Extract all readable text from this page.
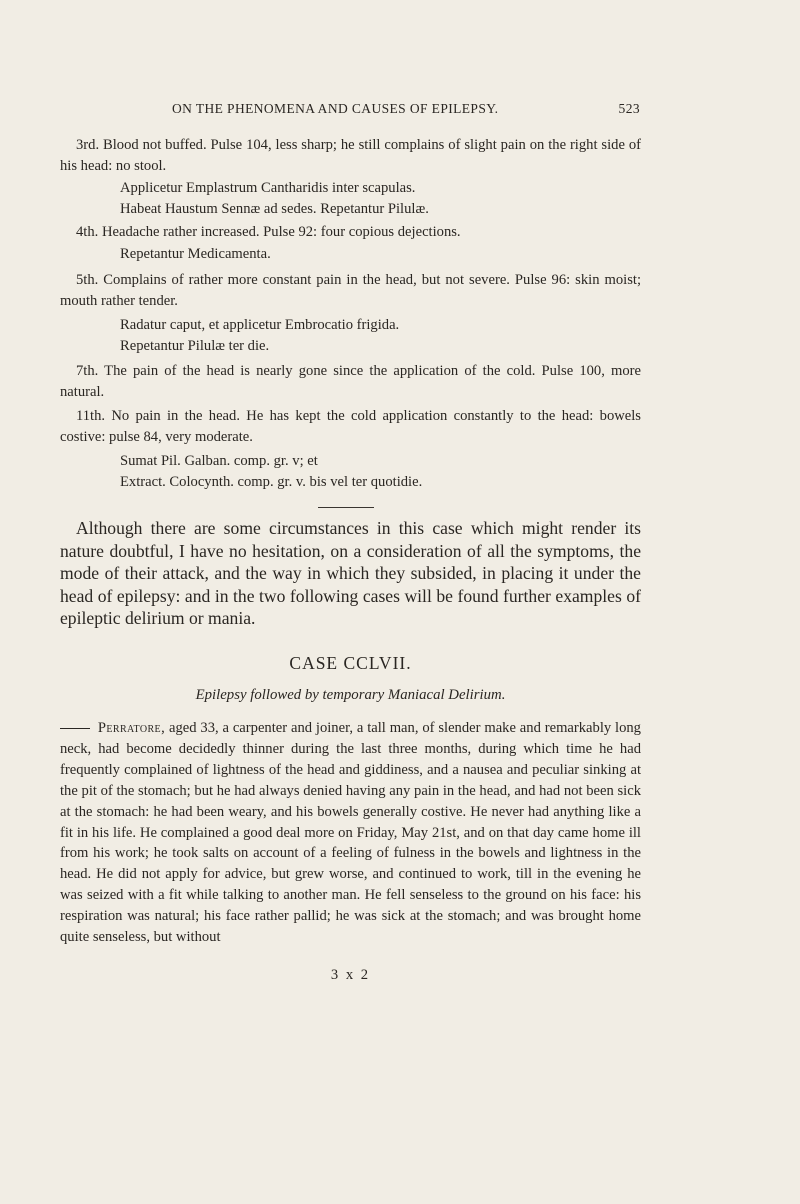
ON THE PHENOMENA AND CAUSES OF EPILEPSY.	523

3rd. Blood not buffed. Pulse 104, less sharp; he still complains of slight pain on the right side of his head: no stool.

Applicetur Emplastrum Cantharidis inter scapulas.

Habeat Haustum Sennæ ad sedes. Repetantur Pilulæ.

4th. Headache rather increased. Pulse 92: four copious dejections.

Repetantur Medicamenta.

5th. Complains of rather more constant pain in the head, but not severe. Pulse 96: skin moist; mouth rather tender.

Radatur caput, et applicetur Embrocatio frigida.

Repetantur Pilulæ ter die.

7th. The pain of the head is nearly gone since the application of the cold. Pulse 100, more natural.

11th. No pain in the head. He has kept the cold application constantly to the head: bowels costive: pulse 84, very moderate.

Sumat Pil. Galban. comp. gr. v; et

Extract. Colocynth. comp. gr. v. bis vel ter quotidie.

Although there are some circumstances in this case which might render its nature doubtful, I have no hesitation, on a consideration of all the symptoms, the mode of their attack, and the way in which they subsided, in placing it under the head of epilepsy: and in the two following cases will be found further examples of epileptic delirium or mania.

CASE CCLVII.
Epilepsy followed by temporary Maniacal Delirium.

Perratore, aged 33, a carpenter and joiner, a tall man, of slender make and remarkably long neck, had become decidedly thinner during the last three months, during which time he had frequently complained of lightness of the head and giddiness, and a nausea and peculiar sinking at the pit of the stomach; but he had always denied having any pain in the head, and had not been sick at the stomach: he had been weary, and his bowels generally costive. He never had anything like a fit in his life. He complained a good deal more on Friday, May 21st, and on that day came home ill from his work; he took salts on account of a feeling of fulness in the bowels and lightness in the head. He did not apply for advice, but grew worse, and continued to work, till in the evening he was seized with a fit while talking to another man. He fell senseless to the ground on his face: his respiration was natural; his face rather pallid; he was sick at the stomach; and was brought home quite senseless, but without

3 x 2
